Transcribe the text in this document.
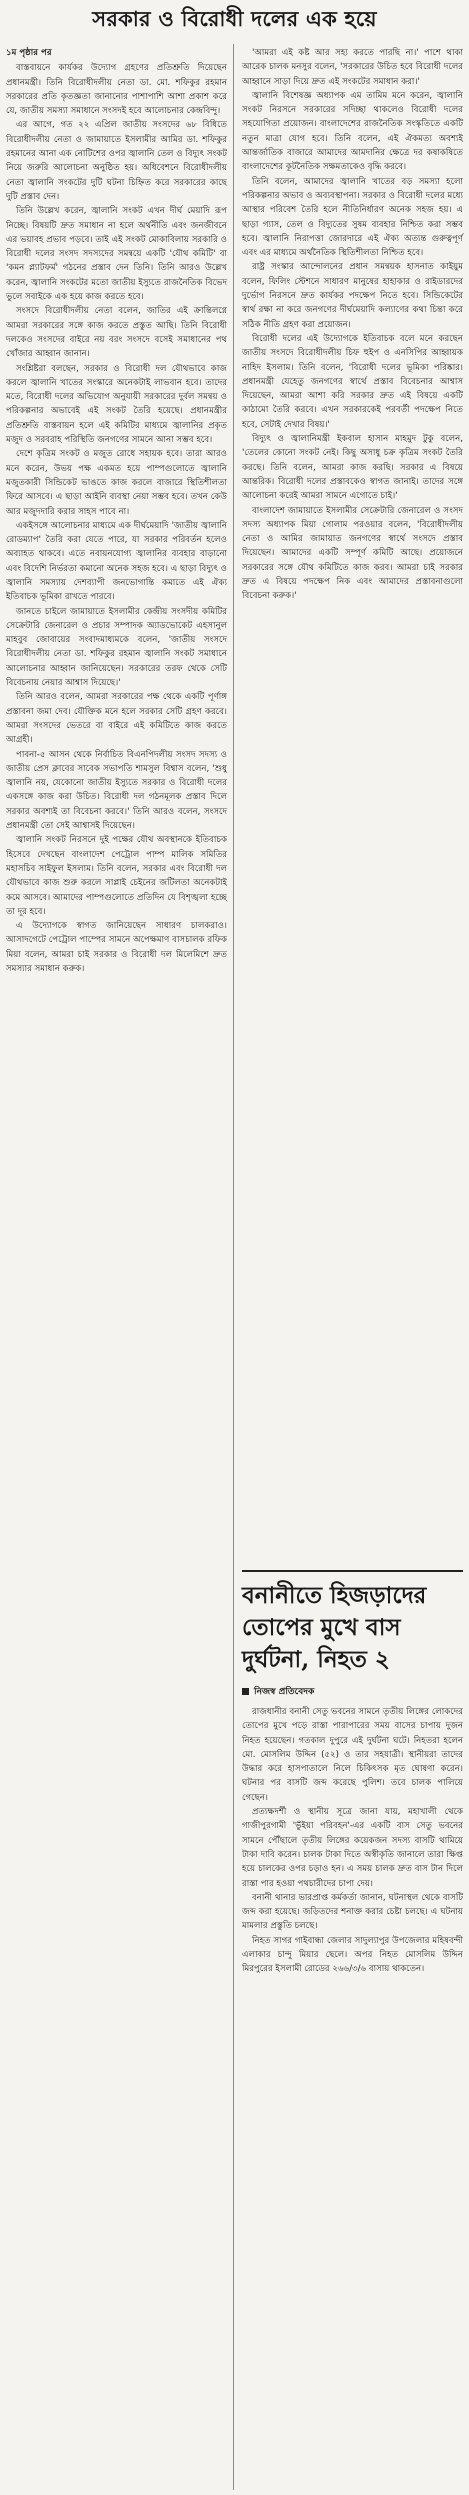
সরকার ও বিরোধী দলের এক হয়ে
১ম পৃষ্ঠার পর

বাস্তবায়নে কার্যকর উদ্যোগ গ্রহণের প্রতিশ্রুতি দিয়েছেন প্রধানমন্ত্রী। তিনি বিরোধীদলীয় নেতা ডা. মো. শফিকুর রহমান সরকারের প্রতি কৃতজ্ঞতা জানানোর পাশাপাশি আশা প্রকাশ করে যে, জাতীয় সমস্যা সমাধানে সংসদই হবে আলোচনার কেন্দ্রবিন্দু।

এর আগে, গত ২২ এপ্রিল জাতীয় সংসদের ৬৮ বিধিতে বিরোধীদলীয় নেতা ও জামায়াতে ইসলামীর আমির ডা. শফিকুর রহমানের আনা এক নোটিশের ওপর জ্বালানি তেল ও বিদ্যুৎ সংকট নিয়ে জরুরি আলোচনা অনুষ্ঠিত হয়। অধিবেশনে বিরোধীদলীয় নেতা জ্বালানি সংকটের দুটি ঘটনা চিহ্নিত করে সরকারের কাছে দুটি প্রস্তাব দেন।

তিনি উল্লেখ করেন, জ্বালানি সংকট এখন দীর্ঘ মেয়াদি রূপ নিচ্ছে। বিষয়টি দ্রুত সমাধান না হলে অর্থনীতি এবং জনজীবনে এর ভয়াবহ প্রভাব পড়বে। তাই এই সংকট মোকাবিলায় সরকারি ও বিরোধী দলের সংসদ সদস্যদের সমন্বয়ে একটি 'যৌথ কমিটি' বা 'কমন প্ল্যাটফর্ম' গঠনের প্রস্তাব দেন তিনি। তিনি আরও উল্লেখ করেন, জ্বালানি সংকটের মতো জাতীয় ইস্যুতে রাজনৈতিক বিভেদ ভুলে সবাইকে এক হয়ে কাজ করতে হবে।

সংসদে বিরোধীদলীয় নেতা বলেন, জাতির এই ক্রান্তিলগ্নে আমরা সরকারের সঙ্গে কাজ করতে প্রস্তুত আছি। তিনি বিরোধী দলকেও সংসদের বাইরে নয় বরং সংসদে বসেই সমাধানের পথ খোঁজার আহ্বান জানান।

সংশ্লিষ্টরা বলছেন, সরকার ও বিরোধী দল যৌথভাবে কাজ করলে জ্বালানি খাতের সংস্কারে অনেকটাই লাভবান হবে। তাদের মতে, বিরোধী দলের অভিযোগ অনুযায়ী সরকারের দুর্বল সমন্বয় ও পরিকল্পনার অভাবেই এই সংকট তৈরি হয়েছে। প্রধানমন্ত্রীর প্রতিশ্রুতি বাস্তবায়ন হলে এই কমিটির মাধ্যমে জ্বালানির প্রকৃত মজুদ ও সরবরাহ পরিস্থিতি জনগণের সামনে আনা সম্ভব হবে।

দেশে কৃত্রিম সংকট ও মজুত রোধে সহায়ক হবে। তারা আরও মনে করেন, উভয় পক্ষ একমত হয়ে পাম্পগুলোতে জ্বালানি মজুতকারী সিন্ডিকেট ভাঙতে কাজ করলে বাজারে স্থিতিশীলতা ফিরে আসবে। এ ছাড়া আইনি ব্যবস্থা নেয়া সম্ভব হবে। তখন কেউ আর মজুদদারি করার সাহস পাবে না।

একইসঙ্গে আলোচনার মাধ্যমে এক দীর্ঘমেয়াদি 'জাতীয় জ্বালানি রোডম্যাপ' তৈরি করা যেতে পারে, যা সরকার পরিবর্তন হলেও অব্যাহত থাকবে। এতে নবায়নযোগ্য জ্বালানির ব্যবহার বাড়ানো এবং বিদেশি নির্ভরতা কমানো অনেক সহজ হবে। এ ছাড়া বিদ্যুৎ ও জ্বালানি সমস্যায় দেশব্যাপী জনভোগান্তি কমাতে এই ঐক্য ইতিবাচক ভূমিকা রাখতে পারবে।

জানতে চাইলে জামায়াতে ইসলামীর কেন্দ্রীয় সংসদীয় কমিটির সেক্রেটারি জেনারেল ও প্রচার সম্পাদক অ্যাডভোকেট এহসানুল মাহবুব জোবায়ের সংবাদমাধ্যমকে বলেন, 'জাতীয় সংসদে বিরোধীদলীয় নেতা ডা. শফিকুর রহমান জ্বালানি সংকট সমাধানে আলোচনার আহ্বান জানিয়েছেন। সরকারের তরফ থেকে সেটি বিবেচনায় নেয়ার আশ্বাস দিয়েছে।'

তিনি আরও বলেন, আমরা সরকারের পক্ষ থেকে একটি পূর্ণাঙ্গ প্রস্তাবনা জমা দেব। যৌক্তিক মনে হলে সরকার সেটি গ্রহণ করবে। আমরা সংসদের ভেতরে বা বাইরে এই কমিটিতে কাজ করতে আগ্রহী।

পাবনা-৫ আসন থেকে নির্বাচিত বিএনপিদলীয় সংসদ সদস্য ও জাতীয় প্রেস ক্লাবের সাবেক সভাপতি শামসুল বিশ্বাস বলেন, 'শুধু জ্বালানি নয়, যেকোনো জাতীয় ইস্যুতে সরকার ও বিরোধী দলের একসঙ্গে কাজ করা উচিত। বিরোধী দল গঠনমূলক প্রস্তাব দিলে সরকার অবশ্যই তা বিবেচনা করবে।' তিনি আরও বলেন, সংসদে প্রধানমন্ত্রী তো সেই আশ্বাসই দিয়েছেন।

জ্বালানি সংকট নিরসনে দুই পক্ষের যৌথ অবস্থানকে ইতিবাচক হিসেবে দেখছেন বাংলাদেশ পেট্রোল পাম্প মালিক সমিতির মহাসচিব সাইফুল ইসলাম। তিনি বলেন, সরকার এবং বিরোধী দল যৌথভাবে কাজ শুরু করলে সাপ্লাই চেইনের জটিলতা অনেকটাই কমে আসবে। আমাদের পাম্পগুলোতে প্রতিদিন যে বিশৃঙ্খলা হচ্ছে তা দূর হবে।

এ উদ্যোগকে স্বাগত জানিয়েছেন সাধারণ চালকরাও। আসাদগেটে পেট্রোল পাম্পের সামনে অপেক্ষমাণ বাসচালক রফিক মিয়া বলেন, আমরা চাই সরকার ও বিরোধী দল মিলেমিশে দ্রুত সমস্যার সমাধান করুক।

'আমরা এই কষ্ট আর সহ্য করতে পারছি না।' পাশে থাকা আরেক চালক মনসুর বলেন, 'সরকারের উচিত হবে বিরোধী দলের আহ্বানে সাড়া দিয়ে দ্রুত এই সংকটের সমাধান করা।'

জ্বালানি বিশেষজ্ঞ অধ্যাপক এম তামিম মনে করেন, জ্বালানি সংকট নিরসনে সরকারের সদিচ্ছা থাকলেও বিরোধী দলের সহযোগিতা প্রয়োজন। বাংলাদেশের রাজনৈতিক সংস্কৃতিতে একটি নতুন মাত্রা যোগ হবে। তিনি বলেন, এই ঐকমত্য অবশ্যই আন্তর্জাতিক বাজারে আমাদের আমদানির ক্ষেত্রে দর কষাকষিতে বাংলাদেশের কূটনৈতিক সক্ষমতাকেও বৃদ্ধি করবে।

তিনি বলেন, আমাদের জ্বালানি খাতের বড় সমস্যা হলো পরিকল্পনার অভাব ও অব্যবস্থাপনা। সরকার ও বিরোধী দলের মধ্যে আস্থার পরিবেশ তৈরি হলে নীতিনির্ধারণ অনেক সহজ হয়। এ ছাড়া গ্যাস, তেল ও বিদ্যুতের সুষম ব্যবহার নিশ্চিত করা সম্ভব হবে। জ্বালানি নিরাপত্তা জোরদারে এই ঐক্য অত্যন্ত গুরুত্বপূর্ণ এবং এর মাধ্যমে অর্থনৈতিক স্থিতিশীলতা নিশ্চিত হবে।

রাষ্ট্র সংস্কার আন্দোলনের প্রধান সমন্বয়ক হাসনাত কাইয়ুম বলেন, ফিলিং স্টেশনে সাধারণ মানুষের হাহাকার ও রাইডারদের দুর্ভোগ নিরসনে দ্রুত কার্যকর পদক্ষেপ নিতে হবে। সিন্ডিকেটের স্বার্থ রক্ষা না করে জনগণের দীর্ঘমেয়াদি কল্যাণের কথা চিন্তা করে সঠিক নীতি গ্রহণ করা প্রয়োজন।

বিরোধী দলের এই উদ্যোগকে ইতিবাচক বলে মনে করছেন জাতীয় সংসদে বিরোধীদলীয় চিফ হুইপ ও এনসিপির আহ্বায়ক নাহিদ ইসলাম। তিনি বলেন, 'বিরোধী দলের ভূমিকা পরিষ্কার। প্রধানমন্ত্রী যেহেতু জনগণের স্বার্থে প্রস্তাব বিবেচনার আশ্বাস দিয়েছেন, আমরা আশা করি সরকার দ্রুত এই বিষয়ে একটি কাঠামো তৈরি করবে। এখন সরকারকেই পরবর্তী পদক্ষেপ নিতে হবে, সেটাই দেখার বিষয়।'

বিদ্যুৎ ও জ্বালানিমন্ত্রী ইকবাল হাসান মাহমুদ টুকু বলেন, 'তেলের কোনো সংকট নেই। কিছু অসাধু চক্র কৃত্রিম সংকট তৈরি করছে। তিনি বলেন, আমরা কাজ করছি। সরকার এ বিষয়ে আন্তরিক। বিরোধী দলের প্রস্তাবকেও স্বাগত জানাই। তাদের সঙ্গে আলোচনা করেই আমরা সামনে এগোতে চাই।'

বাংলাদেশ জামায়াতে ইসলামীর সেক্রেটারি জেনারেল ও সংসদ সদস্য অধ্যাপক মিয়া গোলাম পরওয়ার বলেন, 'বিরোধীদলীয় নেতা ও আমির জামায়াত জনগণের স্বার্থে সংসদে প্রস্তাব দিয়েছেন। আমাদের একটি সম্পূর্ণ কমিটি আছে। প্রয়োজনে সরকারের সঙ্গে যৌথ কমিটিতে কাজ করব। আমরা চাই সরকার দ্রুত এ বিষয়ে পদক্ষেপ নিক এবং আমাদের প্রস্তাবনাগুলো বিবেচনা করুক।'

বনানীতে হিজড়াদের তোপের মুখে বাস দুর্ঘটনা, নিহত ২
নিজস্ব প্রতিবেদক

রাজধানীর বনানী সেতু ভবনের সামনে তৃতীয় লিঙ্গের লোকদের তোপের মুখে পড়ে রাস্তা পারাপারের সময় বাসের চাপায় দুজন নিহত হয়েছেন। গতকাল দুপুরে এই দুর্ঘটনা ঘটে। নিহতরা হলেন মো. মোসলিম উদ্দিন (৫২) ও তার সহযাত্রী। স্থানীয়রা তাদের উদ্ধার করে হাসপাতালে নিলে চিকিৎসক মৃত ঘোষণা করেন। ঘটনার পর বাসটি জব্দ করেছে পুলিশ। তবে চালক পালিয়ে গেছেন।

প্রত্যক্ষদর্শী ও স্থানীয় সূত্রে জানা যায়, মহাখালী থেকে গাজীপুরগামী 'ভুঁইয়া পরিবহন'-এর একটি বাস সেতু ভবনের সামনে পৌঁছালে তৃতীয় লিঙ্গের কয়েকজন সদস্য বাসটি থামিয়ে টাকা দাবি করেন। চালক টাকা দিতে অস্বীকৃতি জানালে তারা ক্ষিপ্ত হয়ে চালকের ওপর চড়াও হন। এ সময় চালক দ্রুত বাস টান দিলে রাস্তা পার হওয়া পথচারীদের চাপা দেয়।

বনানী থানার ভারপ্রাপ্ত কর্মকর্তা জানান, ঘটনাস্থল থেকে বাসটি জব্দ করা হয়েছে। জড়িতদের শনাক্ত করার চেষ্টা চলছে। এ ঘটনায় মামলার প্রস্তুতি চলছে।

নিহত সাগর গাইবান্ধা জেলার সাদুল্যাপুর উপজেলার মহিষবন্দী এলাকার চান্দু মিয়ার ছেলে। অপর নিহত মোসলিম উদ্দিন মিরপুরের ইসলামী রোডের ২৬৬/৩/৬ বাসায় থাকতেন।
